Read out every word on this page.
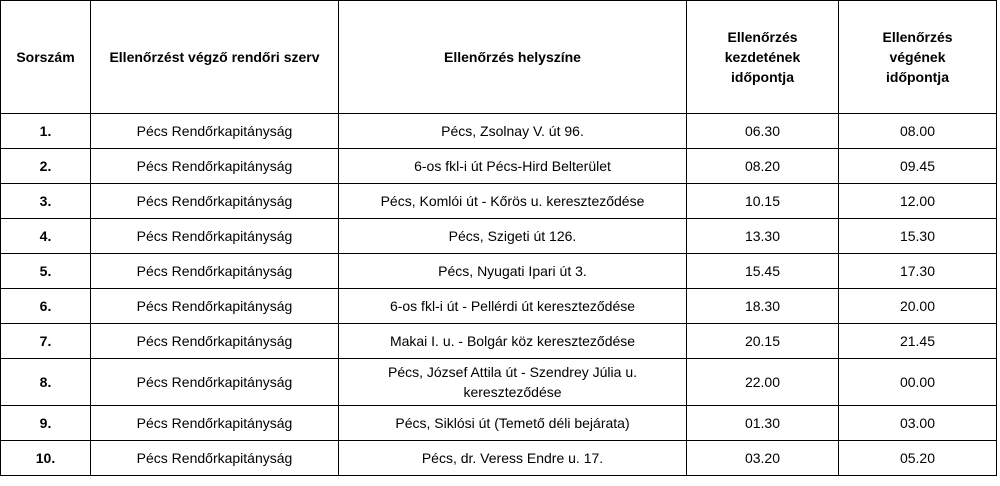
Sorszám	Ellenőrzést végző rendőri szerv	Ellenőrzés helyszíne	Ellenőrzés kezdetének időpontja	Ellenőrzés végének időpontja
1.	Pécs Rendőrkapitányság	Pécs, Zsolnay V. út 96.	06.30	08.00
2.	Pécs Rendőrkapitányság	6-os fkl-i út Pécs-Hird Belterület	08.20	09.45
3.	Pécs Rendőrkapitányság	Pécs, Komlói út - Kőrös u. kereszteződése	10.15	12.00
4.	Pécs Rendőrkapitányság	Pécs, Szigeti út 126.	13.30	15.30
5.	Pécs Rendőrkapitányság	Pécs, Nyugati Ipari út 3.	15.45	17.30
6.	Pécs Rendőrkapitányság	6-os fkl-i út - Pellérdi út kereszteződése	18.30	20.00
7.	Pécs Rendőrkapitányság	Makai I. u. - Bolgár köz kereszteződése	20.15	21.45
8.	Pécs Rendőrkapitányság	Pécs, József Attila út - Szendrey Júlia u. kereszteződése	22.00	00.00
9.	Pécs Rendőrkapitányság	Pécs, Siklósi út (Temető déli bejárata)	01.30	03.00
10.	Pécs Rendőrkapitányság	Pécs, dr. Veress Endre u. 17.	03.20	05.20
